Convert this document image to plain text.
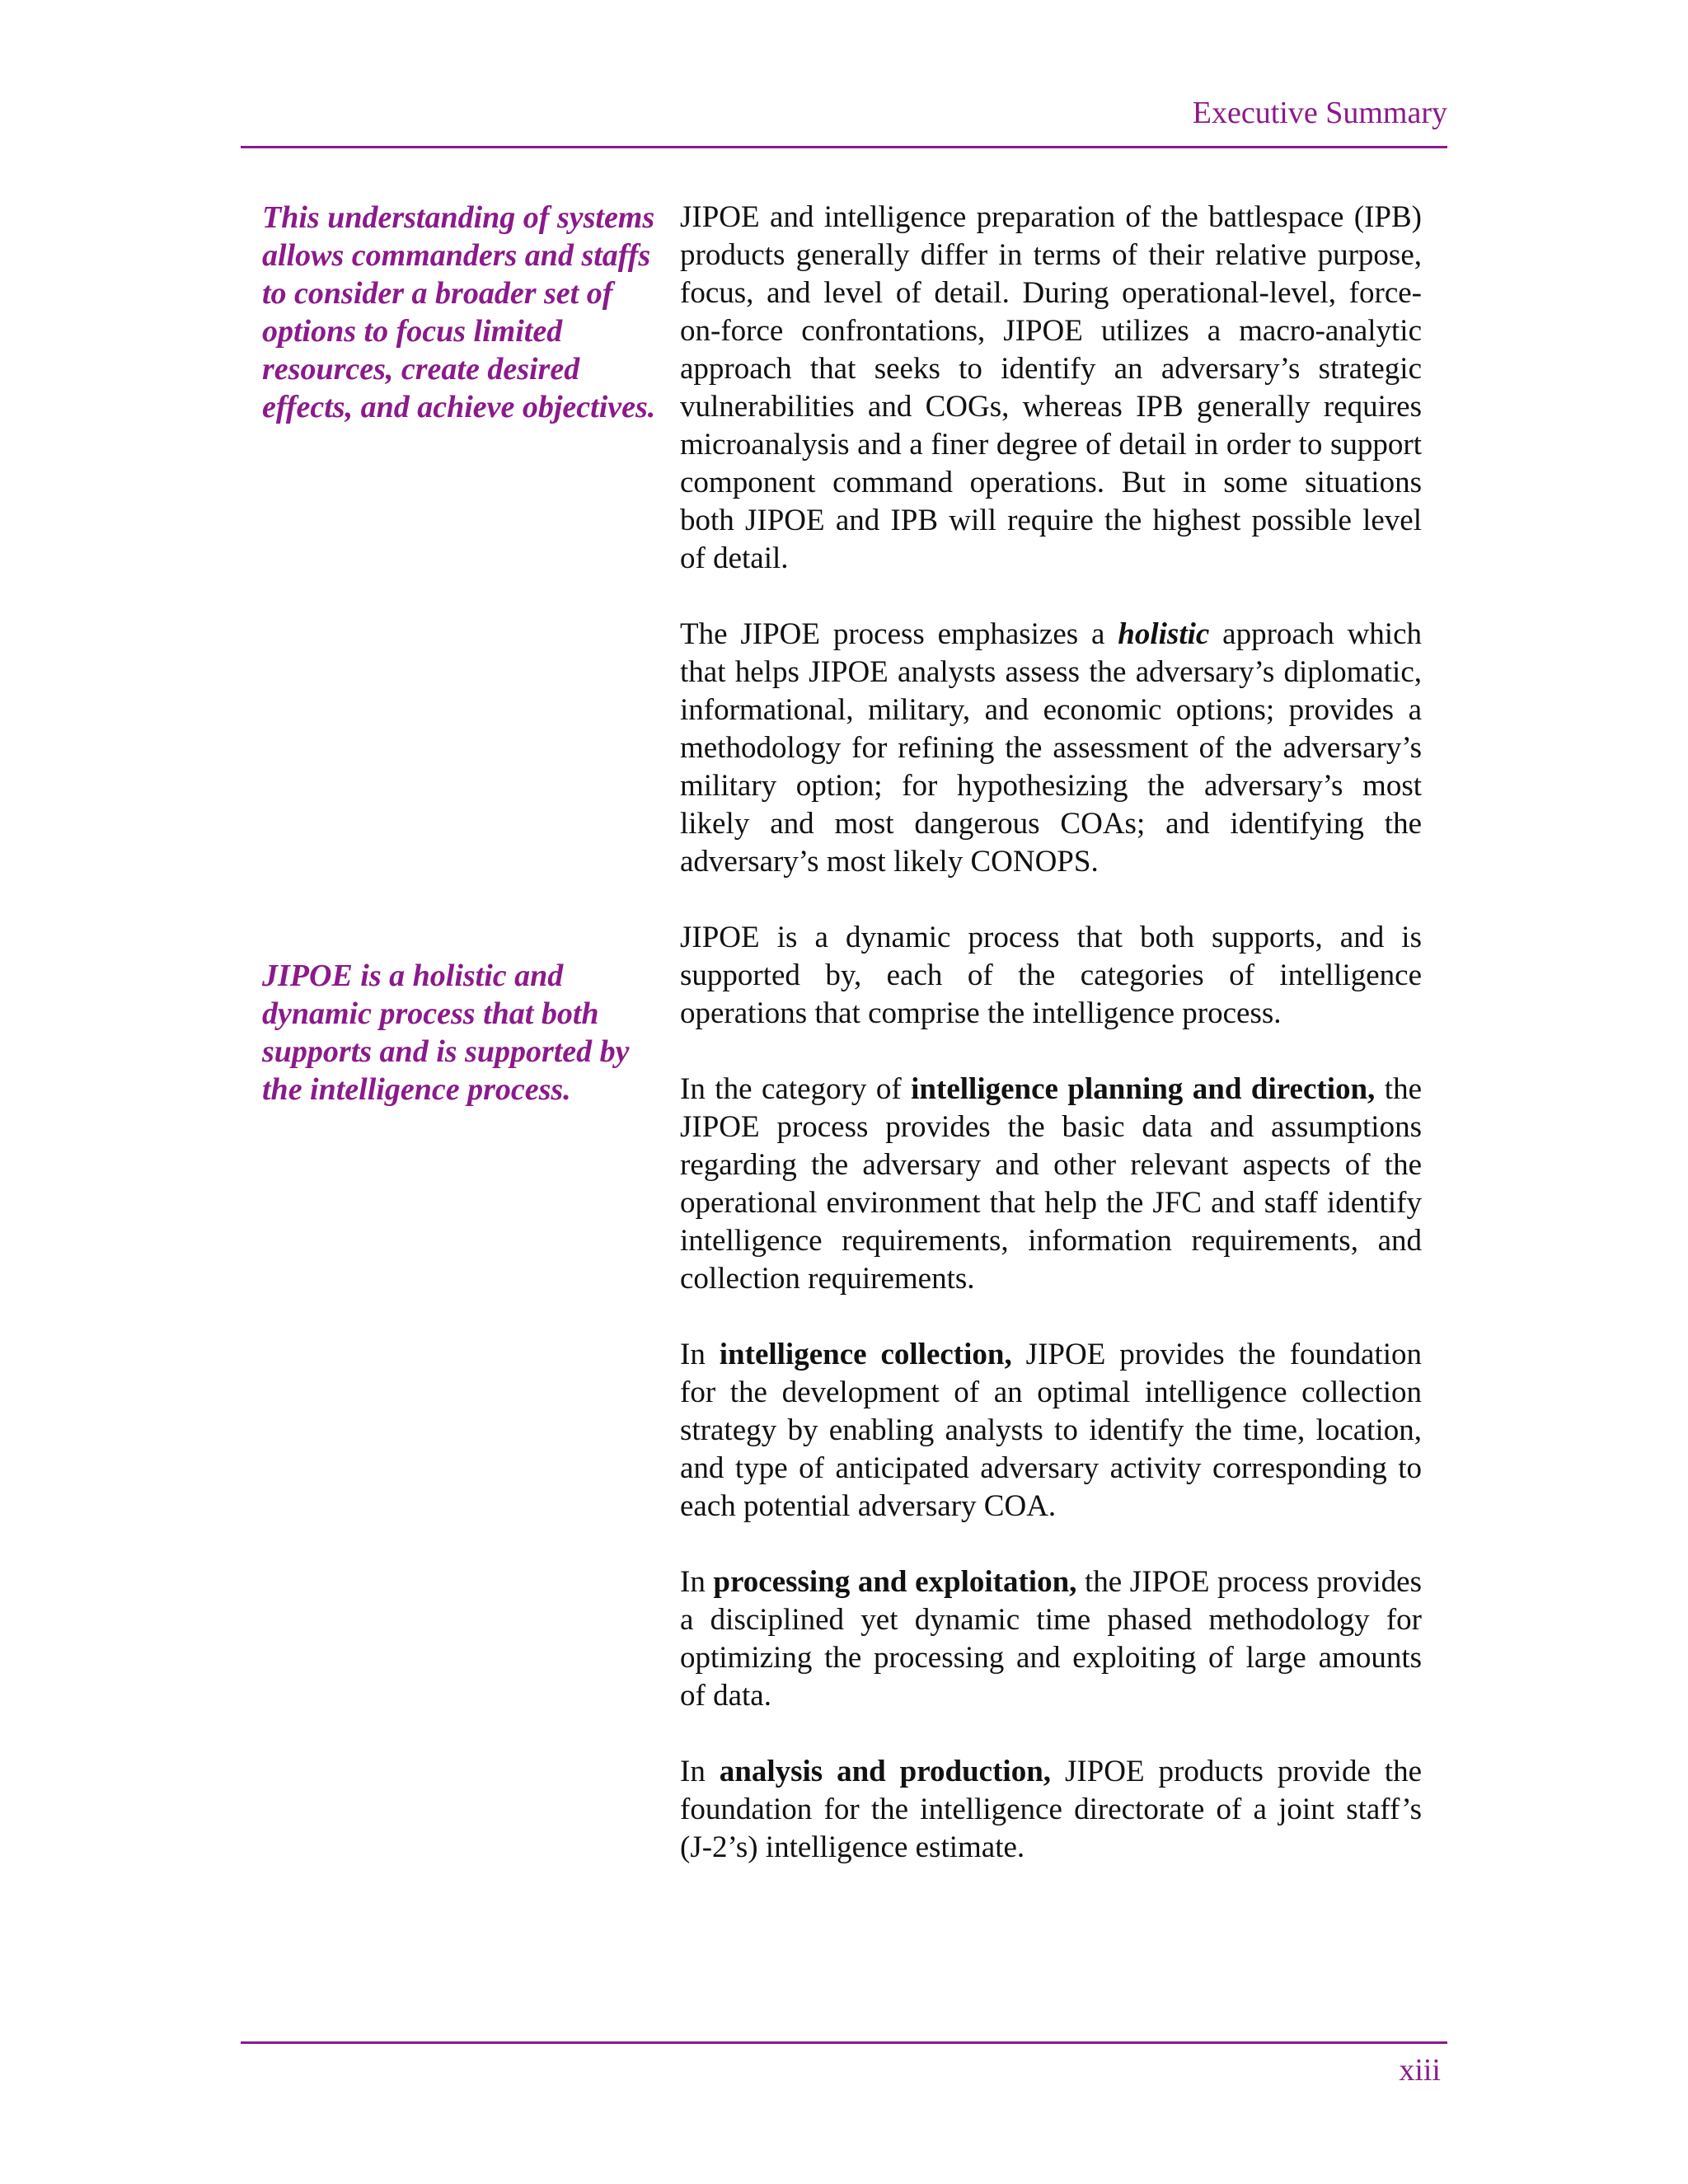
Executive Summary

This understanding of systems allows commanders and staffs to consider a broader set of options to focus limited resources, create desired effects, and achieve objectives.

JIPOE is a holistic and dynamic process that both supports and is supported by the intelligence process.

JIPOE and intelligence preparation of the battlespace (IPB) products generally differ in terms of their relative purpose, focus, and level of detail. During operational-level, force-on-force confrontations, JIPOE utilizes a macro-analytic approach that seeks to identify an adversary’s strategic vulnerabilities and COGs, whereas IPB generally requires microanalysis and a finer degree of detail in order to support component command operations. But in some situations both JIPOE and IPB will require the highest possible level of detail.

The JIPOE process emphasizes a holistic approach which that helps JIPOE analysts assess the adversary’s diplomatic, informational, military, and economic options; provides a methodology for refining the assessment of the adversary’s military option; for hypothesizing the adversary’s most likely and most dangerous COAs; and identifying the adversary’s most likely CONOPS.

JIPOE is a dynamic process that both supports, and is supported by, each of the categories of intelligence operations that comprise the intelligence process.

In the category of intelligence planning and direction, the JIPOE process provides the basic data and assumptions regarding the adversary and other relevant aspects of the operational environment that help the JFC and staff identify intelligence requirements, information requirements, and collection requirements.

In intelligence collection, JIPOE provides the foundation for the development of an optimal intelligence collection strategy by enabling analysts to identify the time, location, and type of anticipated adversary activity corresponding to each potential adversary COA.

In processing and exploitation, the JIPOE process provides a disciplined yet dynamic time phased methodology for optimizing the processing and exploiting of large amounts of data.

In analysis and production, JIPOE products provide the foundation for the intelligence directorate of a joint staff’s (J-2’s) intelligence estimate.

xiii
